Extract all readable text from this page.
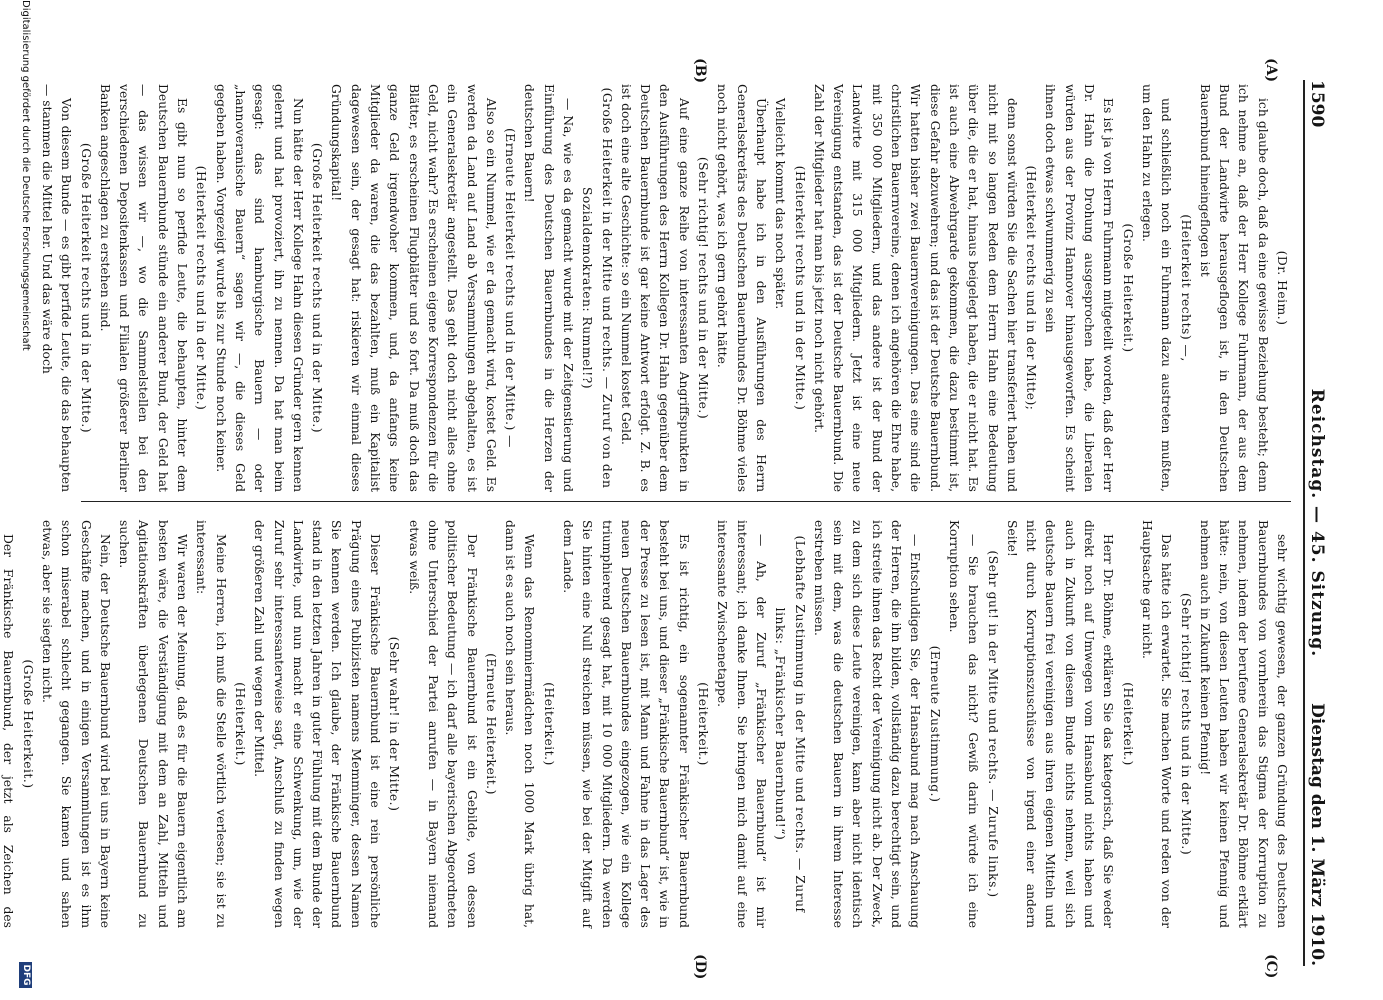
1590
Reichstag. — 45. Sitzung.
Dienstag den 1. März 1910.
(A)
(B)
(C)
(D)

(Dr. Heim.)

ich glaube doch, daß da eine gewisse Beziehung besteht; denn ich nehme an, daß der Herr Kollege Fuhrmann, der aus dem Bund der Landwirte herausgeflogen ist, in den Deutschen Bauernbund hineingeflogen ist

(Heiterkeit rechts) —,

und schließlich noch ein Fuhrmann dazu austreten mußten, um den Hahn zu erlegen.

(Große Heiterkeit.)

Es ist ja von Herrn Fuhrmann mitgeteilt worden, daß der Herr Dr. Hahn die Drohung ausgesprochen habe, die Liberalen würden aus der Provinz Hannover hinausgeworfen. Es scheint ihnen doch etwas schwummerig zu sein

(Heiterkeit rechts und in der Mitte);

denn sonst würden Sie die Sachen hier transferiert haben und nicht mit so langen Reden dem Herrn Hahn eine Bedeutung über die, die er hat, hinaus beigelegt haben, die er nicht hat. Es ist auch eine Abwehrgarde gekommen, die dazu bestimmt ist, diese Gefahr abzuwehren; und das ist der Deutsche Bauernbund. Wir hatten bisher zwei Bauernvereinigungen. Das eine sind die christlichen Bauernvereine, denen ich angehören die Ehre habe, mit 350 000 Mitgliedern, und das andere ist der Bund der Landwirte mit 315 000 Mitgliedern. Jetzt ist eine neue Vereinigung entstanden, das ist der Deutsche Bauernbund. Die Zahl der Mitglieder hat man bis jetzt noch nicht gehört.

(Heiterkeit rechts und in der Mitte.)

Vielleicht kommt das noch später.

Überhaupt habe ich in den Ausführungen des Herrn Generalsekretärs des Deutschen Bauernbundes Dr. Böhme vieles noch nicht gehört, was ich gern gehört hätte.

(Sehr richtig! rechts und in der Mitte.)

Auf eine ganze Reihe von interessanten Angriffspunkten in den Ausführungen des Herrn Kollegen Dr. Hahn gegenüber dem Deutschen Bauernbunde ist gar keine Antwort erfolgt. Z. B. es ist doch eine alte Geschichte: so ein Nummel kostet Geld.

(Große Heiterkeit in der Mitte und rechts. — Zuruf von den Sozialdemokraten: Rummel!?)

— Na, wie es da gemacht wurde mit der Zeitgenstierung und Einführung des Deutschen Bauernbundes in die Herzen der deutschen Bauern!

(Erneute Heiterkeit rechts und in der Mitte.) —

Also so ein Nummel, wie er da gemacht wird, kostet Geld. Es werden da Land auf Land ab Versammlungen abgehalten, es ist ein Generalsekretär angestellt. Das geht doch nicht alles ohne Geld, nicht wahr? Es erscheinen eigene Korrespondenzen für die Blätter, es erscheinen Flugblätter und so fort. Da muß doch das ganze Geld irgendwoher kommen, und, da anfangs keine Mitglieder da waren, die das bezahlten, muß ein Kapitalist dagewesen sein, der gesagt hat: riskieren wir einmal dieses Gründungskapital!

(Große Heiterkeit rechts und in der Mitte.)

Nun hätte der Herr Kollege Hahn diesen Gründer gern kennen gelernt und hat provoziert, ihn zu nennen. Da hat man beim gesagt: das sind hamburgische Bauern — oder „hannoveranische Bauern“ sagen wir —, die dieses Geld gegeben haben. Vorgezeigt wurde bis zur Stunde noch keiner.

(Heiterkeit rechts und in der Mitte.)

Es gibt nun so perfide Leute, die behaupten, hinter dem Deutschen Bauernbunde stünde ein anderer Bund, der Geld hat — das wissen wir —, wo die Sammelstellen bei den verschiedenen Depositenkassen und Filialen größerer Berliner Banken angeschlagen zu erstehen sind.

(Große Heiterkeit rechts und in der Mitte.)

Von diesem Bunde — es gibt perfide Leute, die das behaupten — stammen die Mittel her. Und das wäre doch

sehr wichtig gewesen, der ganzen Gründung des Deutschen Bauernbundes von vornherein das Stigma der Korruption zu nehmen, indem der berufene Generalsekretär Dr. Böhme erklärt hätte: nein, von diesen Leuten haben wir keinen Pfennig und nehmen auch in Zukunft keinen Pfennig!

(Sehr richtig! rechts und in der Mitte.)

Das hätte ich erwartet. Sie machen Worte und reden von der Hauptsache gar nicht.

(Heiterkeit.)

Herr Dr. Böhme, erklären Sie das kategorisch, daß Sie weder direkt noch auf Umwegen vom Hansabund nichts haben und auch in Zukunft von diesem Bunde nichts nehmen, weil sich deutsche Bauern frei vereinigen aus ihren eigenen Mitteln und nicht durch Korruptionszuschüsse von irgend einer andern Seite!

(Sehr gut! in der Mitte und rechts. — Zurufe links.)

— Sie brauchen das nicht? Gewiß darin würde ich eine Korruption sehen.

(Erneute Zustimmung.)

— Entschuldigen Sie, der Hansabund mag nach Anschauung der Herren, die ihn bilden, vollständig dazu berechtigt sein, und ich streite ihnen das Recht der Vereinigung nicht ab. Der Zweck, zu dem sich diese Leute vereinigen, kann aber nicht identisch sein mit dem, was die deutschen Bauern in ihrem Interesse erstreben müssen.

(Lebhafte Zustimmung in der Mitte und rechts. — Zuruf links: „Fränkischer Bauernbund!“)

— Ah, der Zuruf „Fränkischer Bauernbund“ ist mir interessant; ich danke Ihnen. Sie bringen mich damit auf eine interessante Zwischenetappe.

(Heiterkeit.)

Es ist richtig, ein sogenannter Fränkischer Bauernbund besteht bei uns, und dieser „Fränkische Bauernbund“ ist, wie in der Presse zu lesen ist, mit Mann und Fahne in das Lager des neuen Deutschen Bauernbundes eingezogen, wie ein Kollege triumphierend gesagt hat, mit 10 000 Mitgliedern. Da werden Sie hinten eine Null streichen müssen, wie bei der Mitgift auf dem Lande.

(Heiterkeit.)

Wenn das Renommiermädchen noch 1000 Mark übrig hat, dann ist es auch noch sein heraus.

(Erneute Heiterkeit.)

Der Fränkische Bauernbund ist ein Gebilde, von dessen politischer Bedeutung — ich darf alle bayerischen Abgeordneten ohne Unterschied der Partei anrufen — in Bayern niemand etwas weiß.

(Sehr wahr! in der Mitte.)

Dieser Fränkische Bauernbund ist eine rein persönliche Prägung eines Publizisten namens Memminger, dessen Namen Sie kennen werden. Ich glaube, der Fränkische Bauernbund stand in den letzten Jahren in guter Fühlung mit dem Bunde der Landwirte, und nun macht er eine Schwenkung, um, wie der Zuruf sehr interessanterweise sagt, Anschluß zu finden wegen der größeren Zahl und wegen der Mittel.

(Heiterkeit.)

Meine Herren, ich muß die Stelle wörtlich verlesen; sie ist zu interessant:

Wir waren der Meinung, daß es für die Bauern eigentlich am besten wäre, die Verständigung mit dem an Zahl, Mitteln und Agitationskräften überlegenen Deutschen Bauernbund zu suchen.

Nein, der Deutsche Bauernbund wird bei uns in Bayern keine Geschäfte machen, und in einigen Versammlungen ist es ihm schon miserabel schlecht gegangen. Sie kamen und sahen etwas, aber sie siegten nicht.

(Große Heiterkeit.)

Der Fränkische Bauernbund, der jetzt als Zeichen des

Digitalisierung gefördert durch die Deutsche Forschungsgemeinschaft
DFG
